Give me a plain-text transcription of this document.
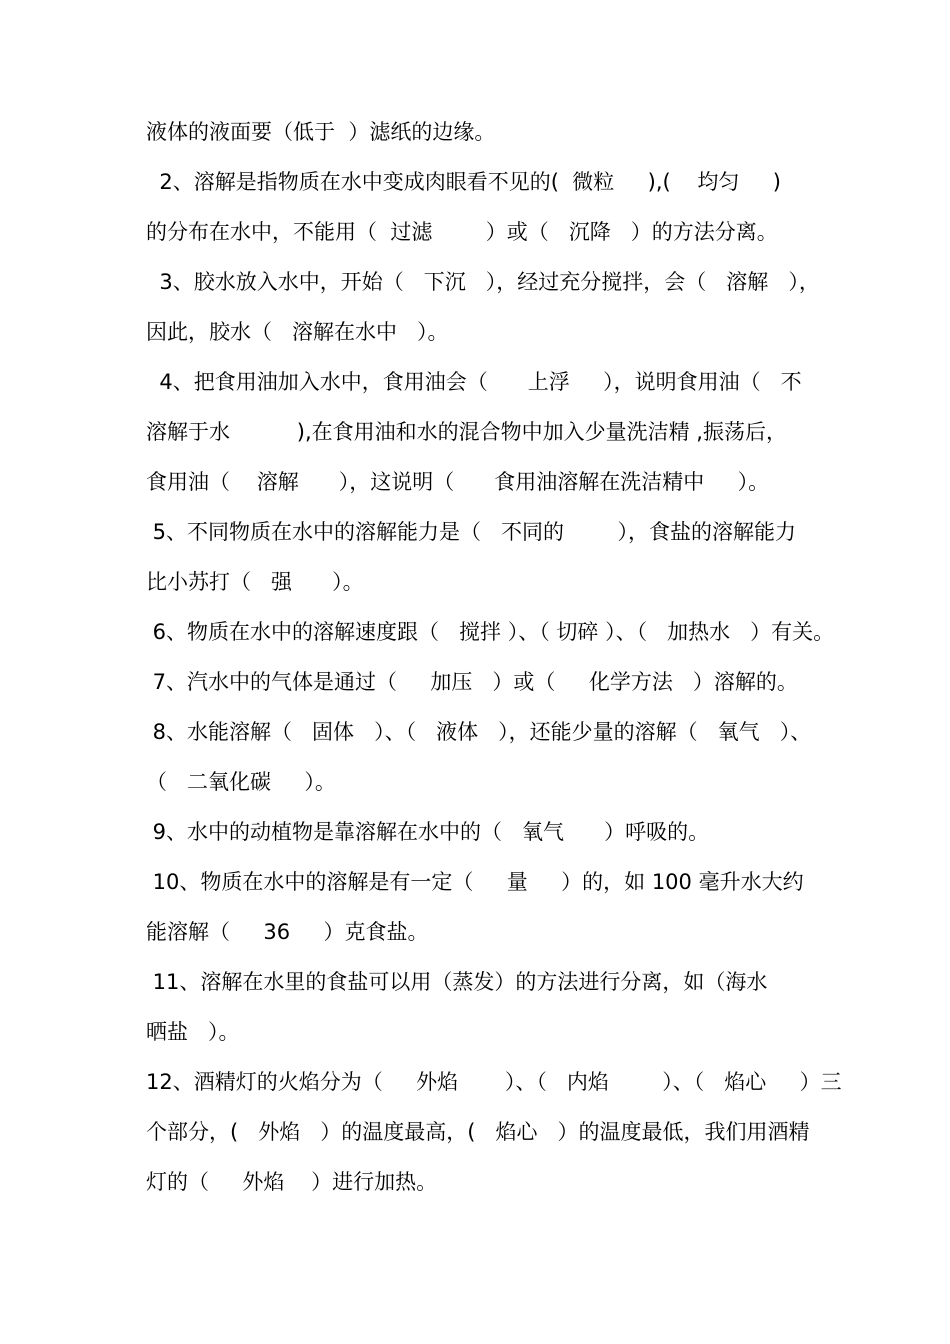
液体的液面要（低于  ）滤纸的边缘。
2、溶解是指物质在水中变成肉眼看不见的(  微粒     ),(    均匀     )
的分布在水中，不能用（  过滤        ）或（   沉降   ）的方法分离。
3、胶水放入水中，开始（   下沉   ），经过充分搅拌，会（   溶解   ），
因此，胶水（   溶解在水中   ）。
4、把食用油加入水中，食用油会（      上浮     ），说明食用油（   不
溶解于水          ),在食用油和水的混合物中加入少量洗洁精 ,振荡后，
食用油（    溶解      ），这说明（      食用油溶解在洗洁精中     ）。
5、不同物质在水中的溶解能力是（   不同的        ），食盐的溶解能力
比小苏打（   强      ）。
6、物质在水中的溶解速度跟（   搅拌 ）、（ 切碎 ）、（   加热水   ）有关。
7、汽水中的气体是通过（     加压   ）或（     化学方法   ）溶解的。
8、水能溶解（   固体   ）、（   液体   ），还能少量的溶解（   氧气   ）、
（   二氧化碳     ）。
9、水中的动植物是靠溶解在水中的（   氧气      ）呼吸的。
10、物质在水中的溶解是有一定（     量     ）的，如 100 毫升水大约
能溶解（     36     ）克食盐。
11、溶解在水里的食盐可以用（蒸发）的方法进行分离，如（海水
晒盐   ）。
12、酒精灯的火焰分为（     外焰       ）、（   内焰        ）、（   焰心     ）三
个部分，(   外焰   ）的温度最高，(   焰心   ）的温度最低，我们用酒精
灯的（     外焰    ）进行加热。
